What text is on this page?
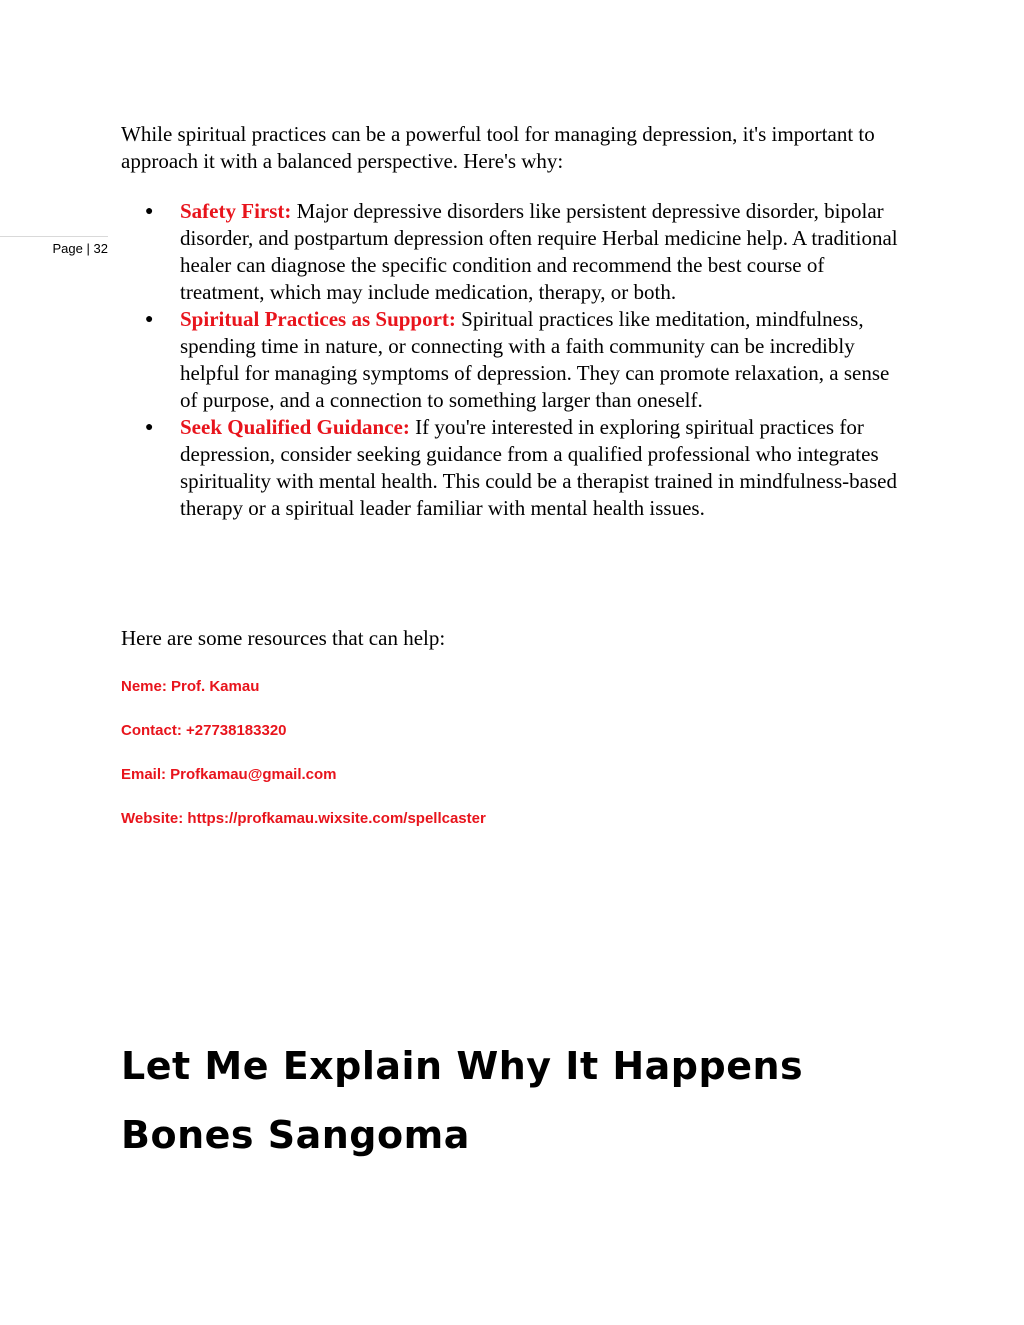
Page | 32

While spiritual practices can be a powerful tool for managing depression, it's important to approach it with a balanced perspective. Here's why:

● Safety First: Major depressive disorders like persistent depressive disorder, bipolar disorder, and postpartum depression often require Herbal medicine help. A traditional healer can diagnose the specific condition and recommend the best course of treatment, which may include medication, therapy, or both.
● Spiritual Practices as Support: Spiritual practices like meditation, mindfulness, spending time in nature, or connecting with a faith community can be incredibly helpful for managing symptoms of depression. They can promote relaxation, a sense of purpose, and a connection to something larger than oneself.
● Seek Qualified Guidance: If you're interested in exploring spiritual practices for depression, consider seeking guidance from a qualified professional who integrates spirituality with mental health. This could be a therapist trained in mindfulness-based therapy or a spiritual leader familiar with mental health issues.

Here are some resources that can help:

Neme: Prof. Kamau

Contact: +27738183320

Email: Profkamau@gmail.com

Website: https://profkamau.wixsite.com/spellcaster

Let Me Explain Why It Happens
Bones Sangoma
